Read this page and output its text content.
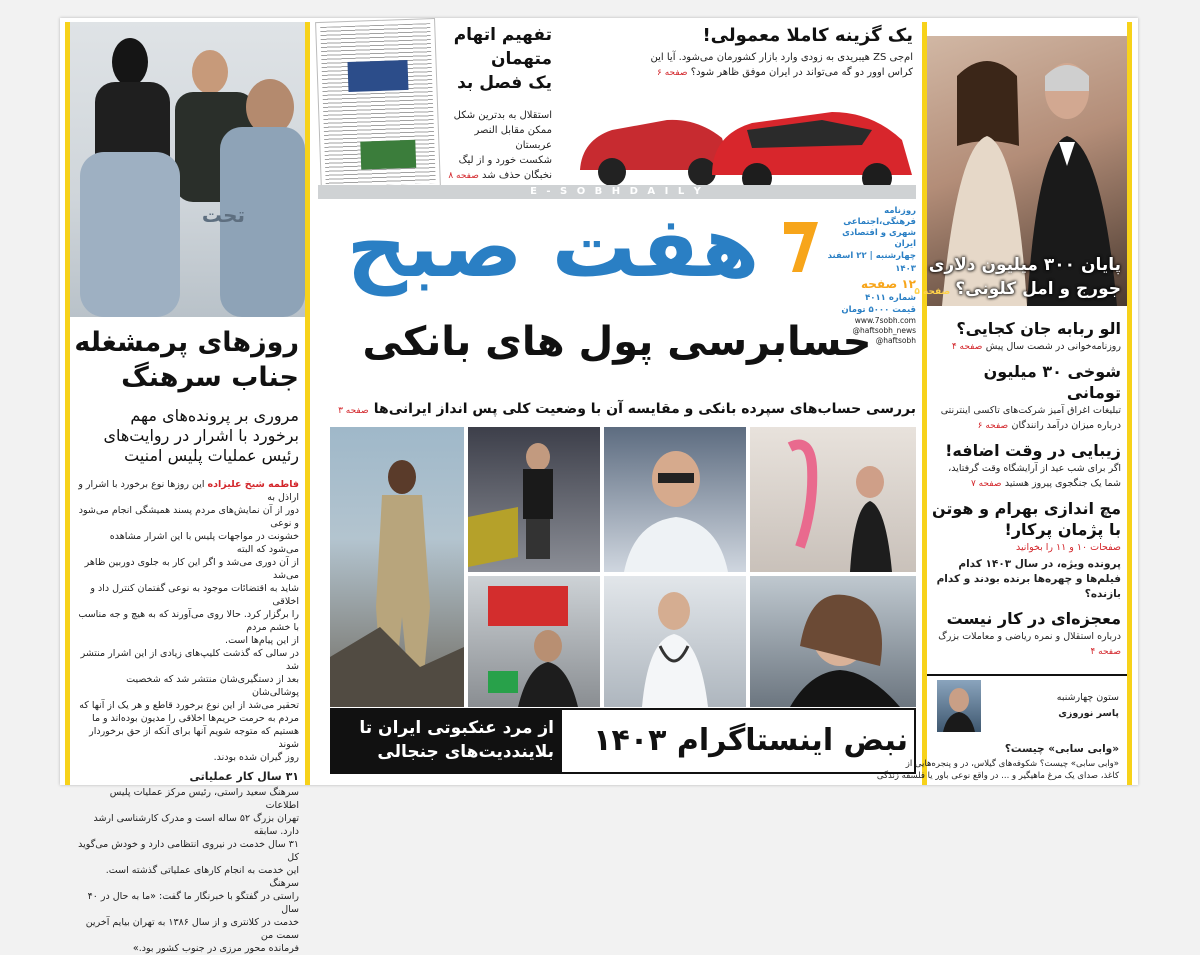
تحت
روزهای پرمشغله
جناب سرهنگ
مروری بر پرونده‌های مهم
برخورد با اشرار در روایت‌های
رئیس عملیات پلیس امنیت
فاطمه شیخ علیزاده این روزها نوع برخورد با اشرار و اراذل به
دور از آن نمایش‌های مردم پسند همیشگی انجام می‌شود و نوعی
خشونت در مواجهات پلیس با این اشرار مشاهده می‌شود که البته
از آن دوری می‌شد و اگر این کار به جلوی دوربین ظاهر می‌شد
شاید به اقتضائات موجود به نوعی گفتمان کنترل داد و اخلاقی
را برگزار کرد. حالا روی می‌آورند که به هیچ و جه مناسب با خشم مردم
از این پیام‌ها است.
در سالی که گذشت کلیپ‌های زیادی از این اشرار منتشر شد
بعد از دستگیری‌شان منتشر شد که شخصیت پوشالی‌شان
تحقیر می‌شد از این نوع برخورد قاطع و هر یک از آنها که
مردم به حرمت حریم‌ها اخلاقی را مدیون بوده‌اند و ما
هستیم که متوجه شویم آنها برای آنکه از حق برخوردار شوند
روز گیران شده بودند.
۳۱ سال کار عملیاتی
سرهنگ سعید راستی، رئیس مرکز عملیات پلیس اطلاعات
تهران بزرگ ۵۲ ساله است و مدرک کارشناسی ارشد دارد. سابقه
۳۱ سال خدمت در نیروی انتظامی دارد و خودش می‌گوید کل
این خدمت به انجام کارهای عملیاتی گذشته است. سرهنگ
راستی در گفتگو با خبرنگار ما گفت: «ما به حال در ۴۰ سال
خدمت در کلانتری و از سال ۱۳۸۶ به تهران بیایم آخرین سمت من
فرمانده محور مرزی در جنوب کشور بود.»
تفهیم اتهام
متهمان
یک فصل بد
استقلال به بدترین شکل
ممکن مقابل النصر عربستان
شکست خورد و از لیگ
نخبگان حذف شد صفحه ۸
یک گزینه کاملا معمولی!
ام‌جی ZS هیبریدی به زودی وارد بازار کشورمان می‌شود. آیا این
کراس اوور دو گه می‌تواند در ایران موفق ظاهر شود؟ صفحه ۶
E - S O B H D A I L Y
هفت صبح	روزنامه فرهنگی،اجتماعی
شهری و اقتصادی ایران
چهارشنبه | ۲۲ اسفند ۱۴۰۳
۱۲ صفحه
شماره ۴۰۱۱
قیمت ۵۰۰۰ تومان
www.7sobh.com
@haftsobh_news
@haftsobh
حسابرسی پول های بانکی
بررسی حساب‌های سپرده بانکی و مقایسه آن با وضعیت کلی پس انداز ایرانی‌ها صفحه ۳
نبض اینستاگرام ۱۴۰۳
از مرد عنکبوتی ایران تا
بلاینددیت‌های جنجالی
پایان ۳۰۰ میلیون دلاری
جورج و امل کلونی؟ صفحه ۵
الو ربابه جان کجایی؟
روزنامه‌خوانی در شصت سال پیش صفحه ۴
شوخی ۳۰ میلیون تومانی
تبلیغات اغراق آمیز شرکت‌های تاکسی اینترنتی درباره میزان درآمد رانندگان صفحه ۶
زیبایی در وقت اضافه!
اگر برای شب عید از آرایشگاه وقت گرفتاید، شما یک جنگجوی پیروز هستید صفحه ۷
مچ اندازی بهرام و هوتن با پژمان پرکار!
صفحات ۱۰ و ۱۱ را بخوانید
پرونده ویژه، در سال ۱۴۰۳ کدام فیلم‌ها و چهره‌ها برنده بودند و کدام بازنده؟
معجزه‌ای در کار نیست
درباره استقلال و نمره ریاضی و معاملات بزرگ صفحه ۴
ستون چهارشنبه
پاسر نوروزی
«وابی سابی» چیست؟
«وابی سابی» چیست؟ شکوفه‌های گیلاس، در و پنجره‌هایی از
کاغذ، صدای یک مرغ ماهیگیر و ... در واقع نوعی باور یا فلسفه زندگی
